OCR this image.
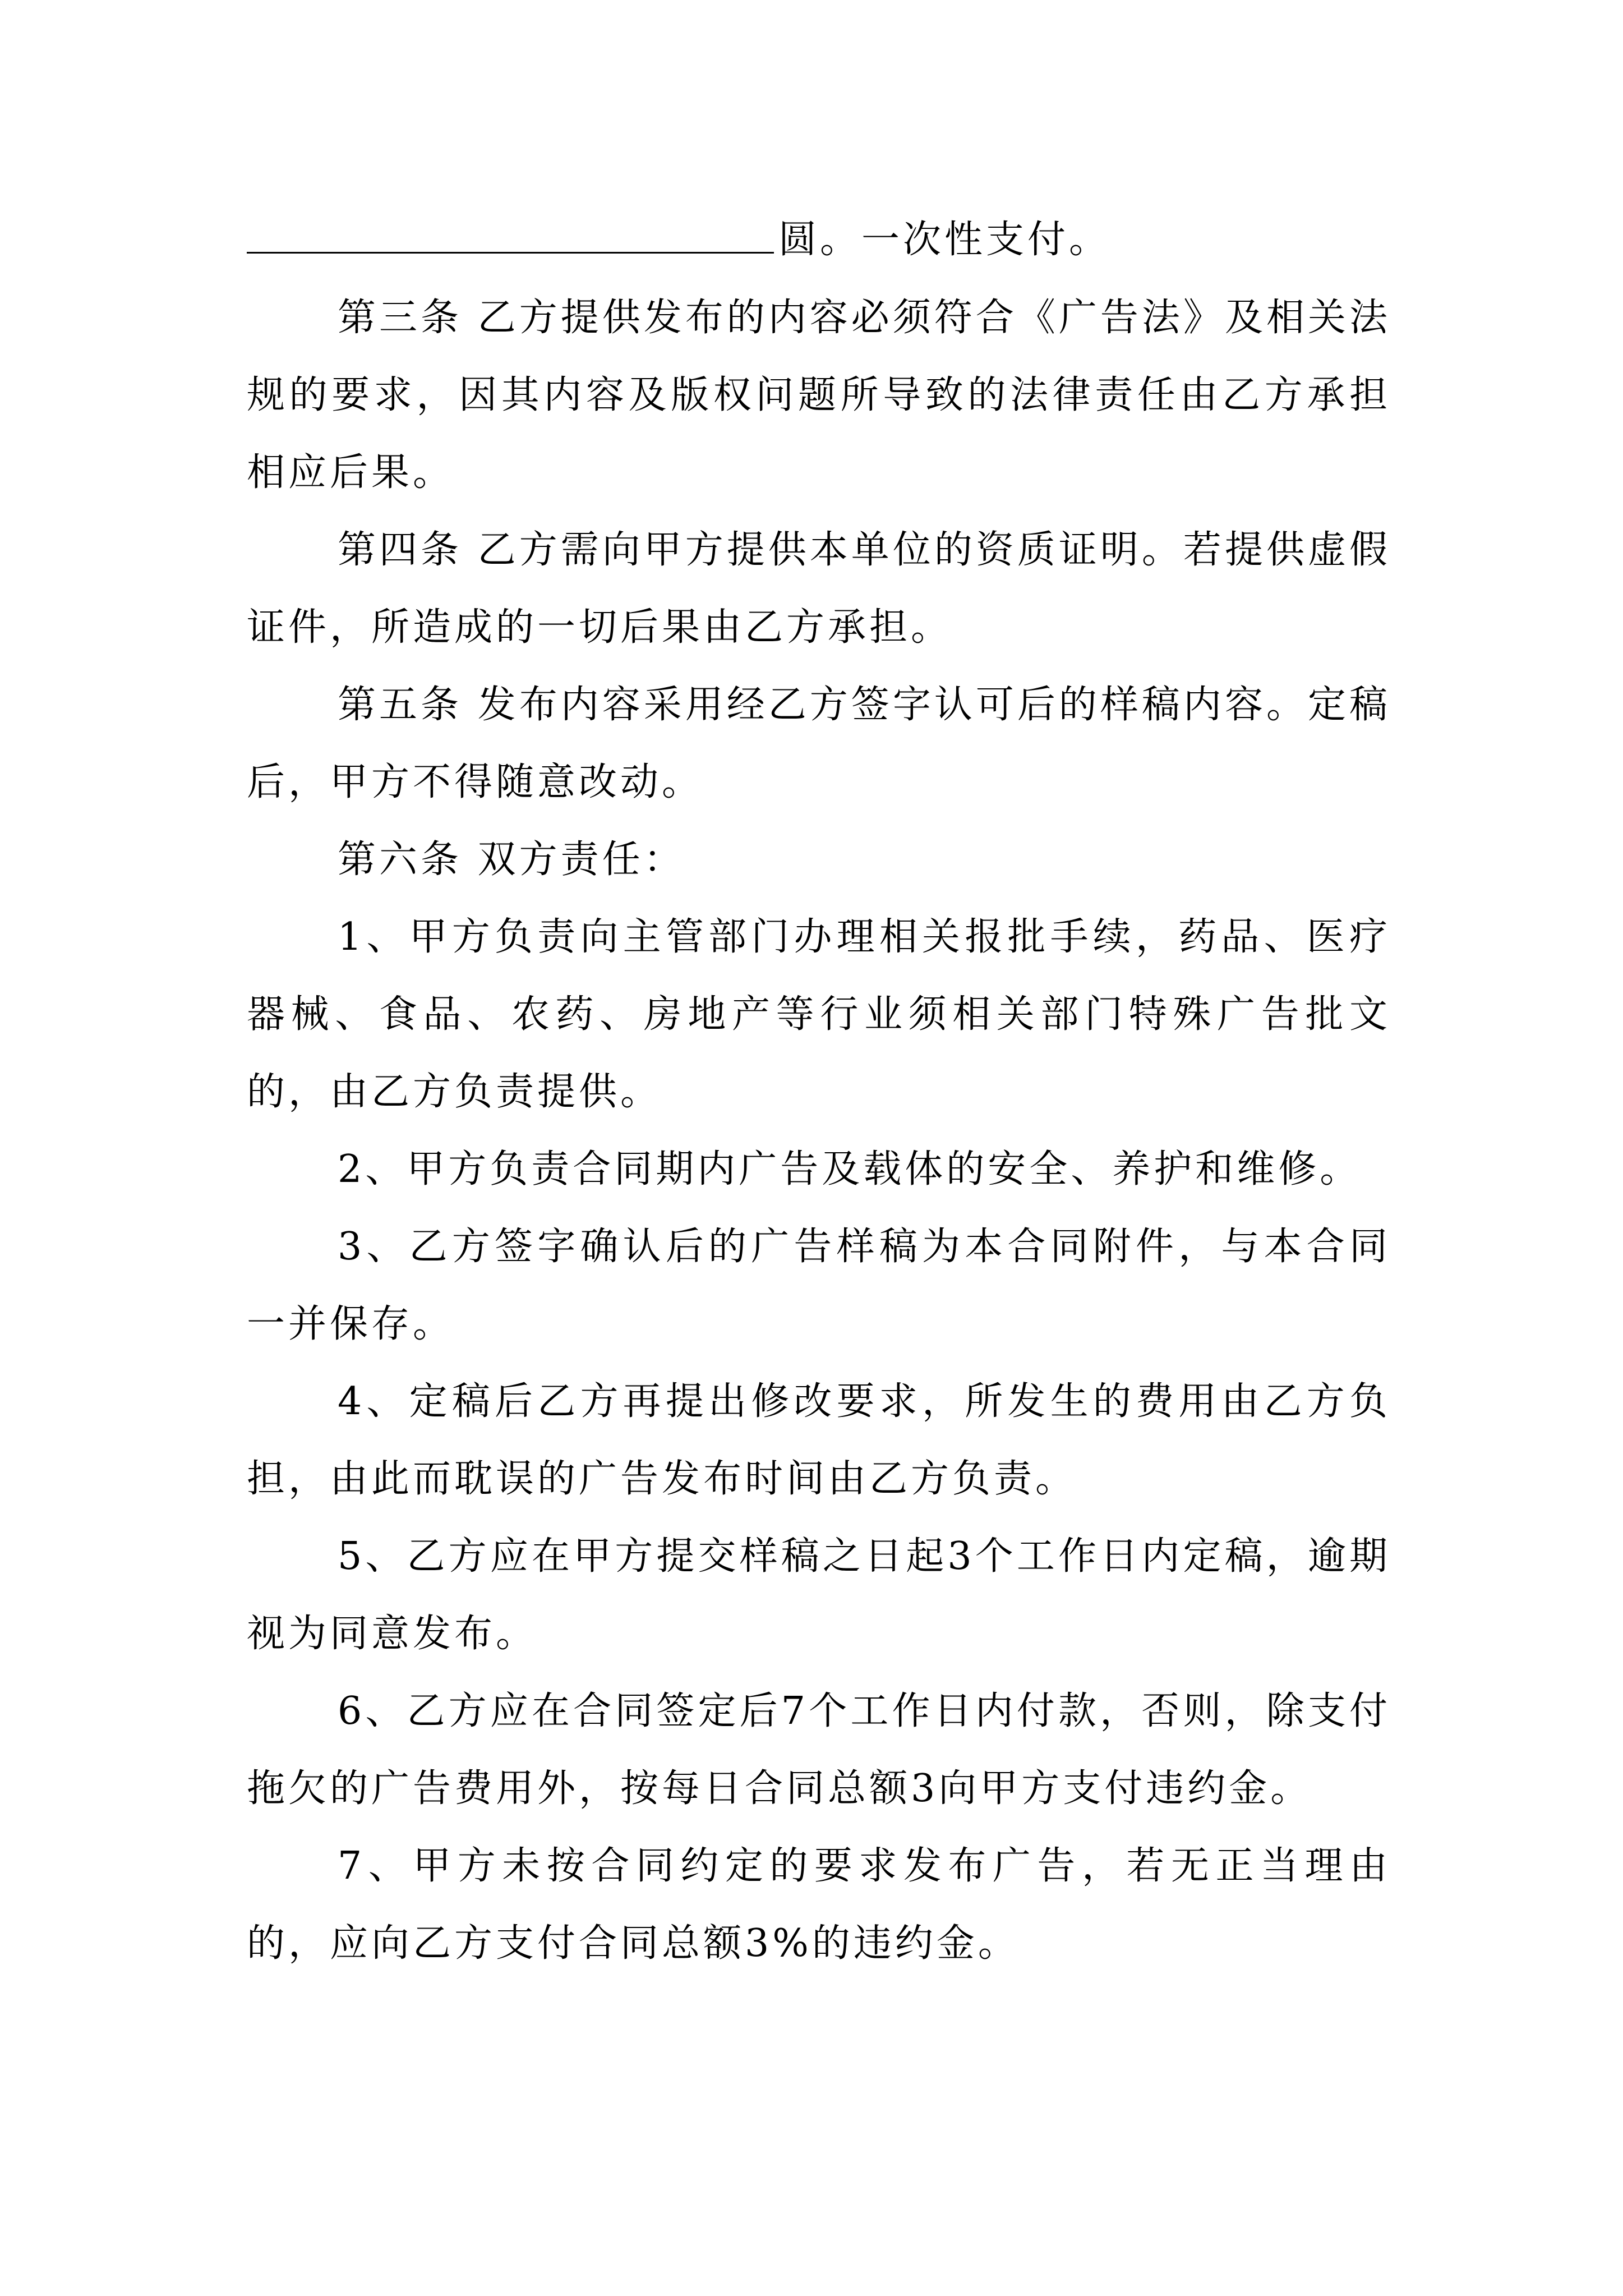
圆。一次性支付。

第三条 乙方提供发布的内容必须符合《广告法》及相关法规的要求，因其内容及版权问题所导致的法律责任由乙方承担相应后果。

第四条 乙方需向甲方提供本单位的资质证明。若提供虚假证件，所造成的一切后果由乙方承担。

第五条 发布内容采用经乙方签字认可后的样稿内容。定稿后，甲方不得随意改动。

第六条 双方责任：

1、甲方负责向主管部门办理相关报批手续，药品、医疗器械、食品、农药、房地产等行业须相关部门特殊广告批文的，由乙方负责提供。

2、甲方负责合同期内广告及载体的安全、养护和维修。

3、乙方签字确认后的广告样稿为本合同附件，与本合同一并保存。

4、定稿后乙方再提出修改要求，所发生的费用由乙方负担，由此而耽误的广告发布时间由乙方负责。

5、乙方应在甲方提交样稿之日起3个工作日内定稿，逾期视为同意发布。

6、乙方应在合同签定后7个工作日内付款，否则，除支付拖欠的广告费用外，按每日合同总额3向甲方支付违约金。

7、甲方未按合同约定的要求发布广告，若无正当理由的，应向乙方支付合同总额3%的违约金。
